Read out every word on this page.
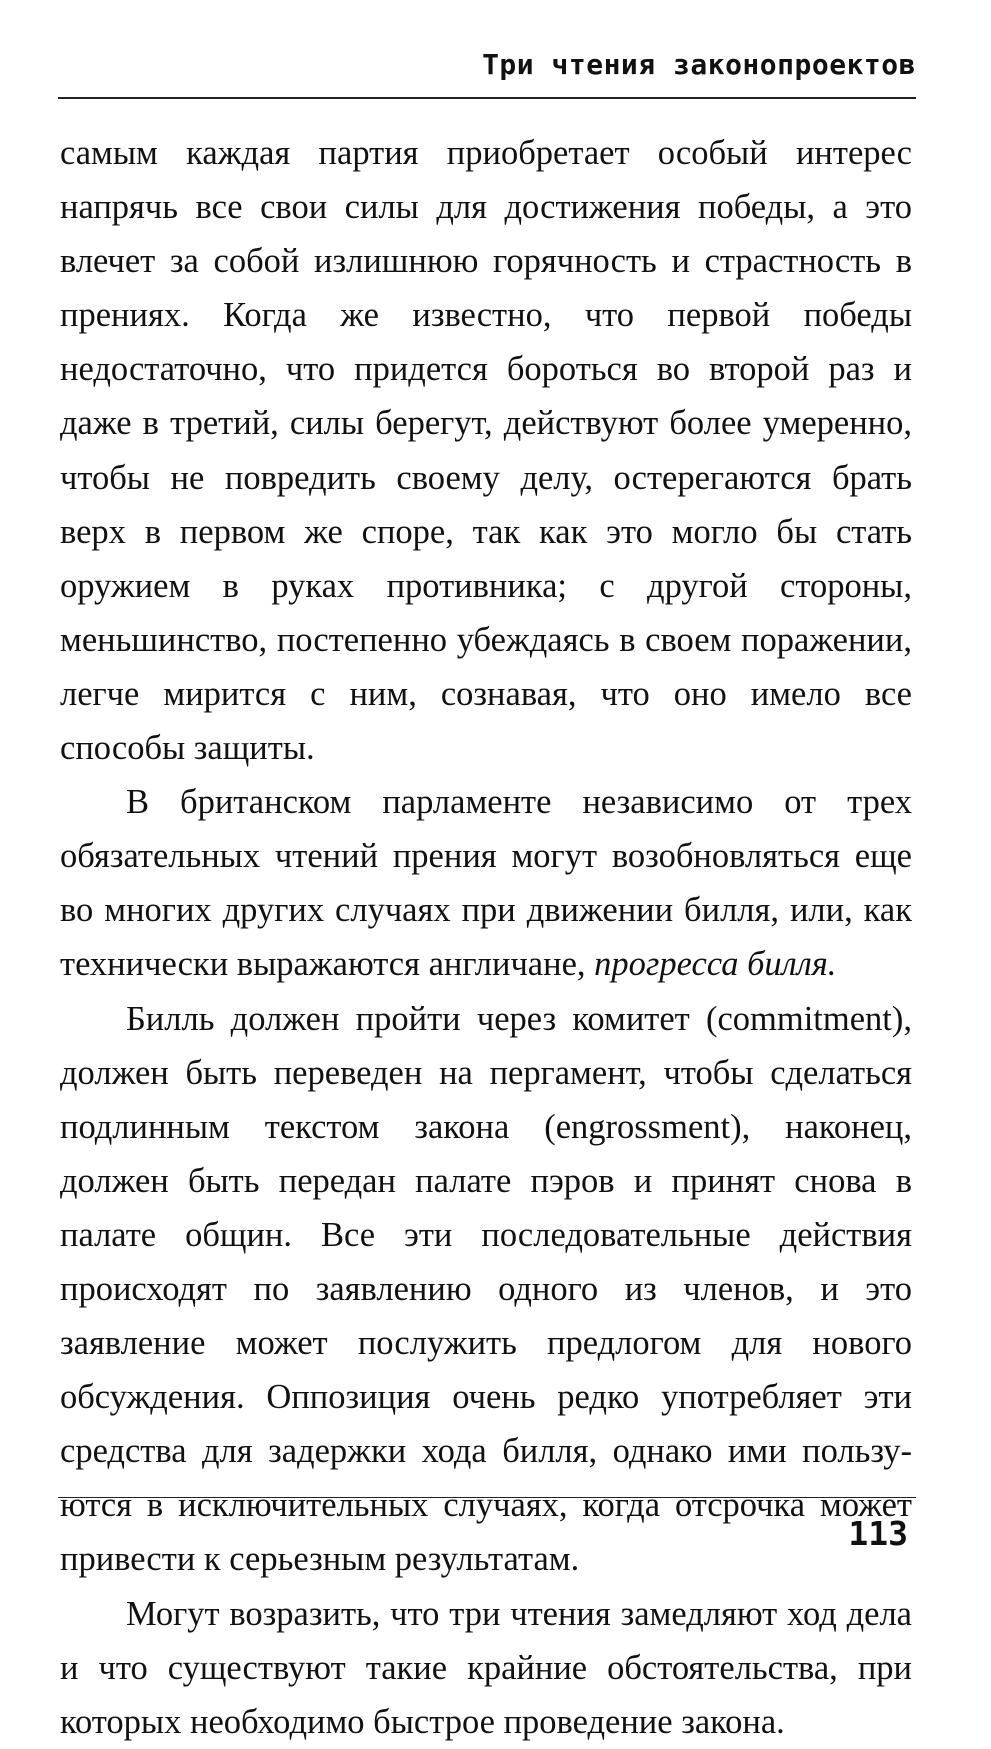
Три чтения законопроектов

самым каждая партия приобретает особый интерес напрячь все свои силы для достижения победы, а это влечет за собой излишнюю горячность и страстность в прениях. Когда же известно, что первой победы недостаточно, что придется бороться во второй раз и даже в третий, силы берегут, действуют более умеренно, чтобы не повредить своему делу, остерегаются брать верх в первом же споре, так как это могло бы стать оружием в руках противника; с другой стороны, меньшинство, постепенно убеждаясь в своем поражении, легче мирится с ним, сознавая, что оно имело все способы защиты.

В британском парламенте независимо от трех обязательных чтений прения могут возобновляться еще во многих других случаях при движении билля, или, как технически выражаются англичане, прогресса билля.

Билль должен пройти через комитет (commitment), должен быть переведен на пергамент, чтобы сделаться подлинным текстом закона (engrossment), наконец, должен быть передан палате пэров и принят снова в палате общин. Все эти последовательные действия происходят по заявлению одного из членов, и это заявление может послужить предлогом для нового обсуждения. Оппозиция очень редко употребляет эти средства для задержки хода билля, однако ими пользуются в исключительных случаях, когда отсрочка может привести к серьезным результатам.

Могут возразить, что три чтения замедляют ход дела и что существуют такие крайние обстоятельства, при которых необходимо быстрое проведение закона.

113
